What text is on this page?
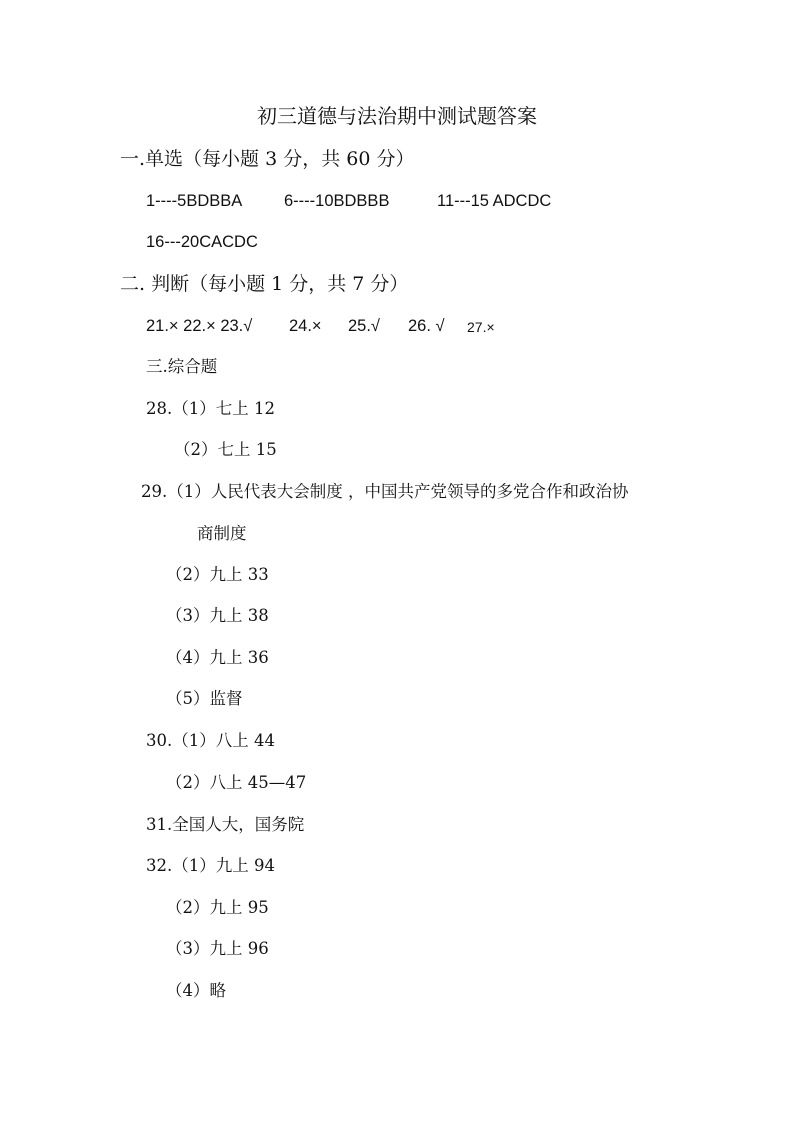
初三道德与法治期中测试题答案
一.单选（每小题 3 分，共 60 分）
1----5BDBBA	6----10BDBBB	11---15 ADCDC
16---20CACDC
二. 判断（每小题 1 分，共 7 分）
21.× 22.× 23.√ 24.× 25.√ 26. √ 27.×
三.综合题
28.（1）七上 12
（2）七上 15
29.（1）人民代表大会制度 ，中国共产党领导的多党合作和政治协
商制度
（2）九上 33
（3）九上 38
（4）九上 36
（5）监督
30.（1）八上 44
（2）八上 45—47
31.全国人大，国务院
32.（1）九上 94
（2）九上 95
（3）九上 96
（4）略
